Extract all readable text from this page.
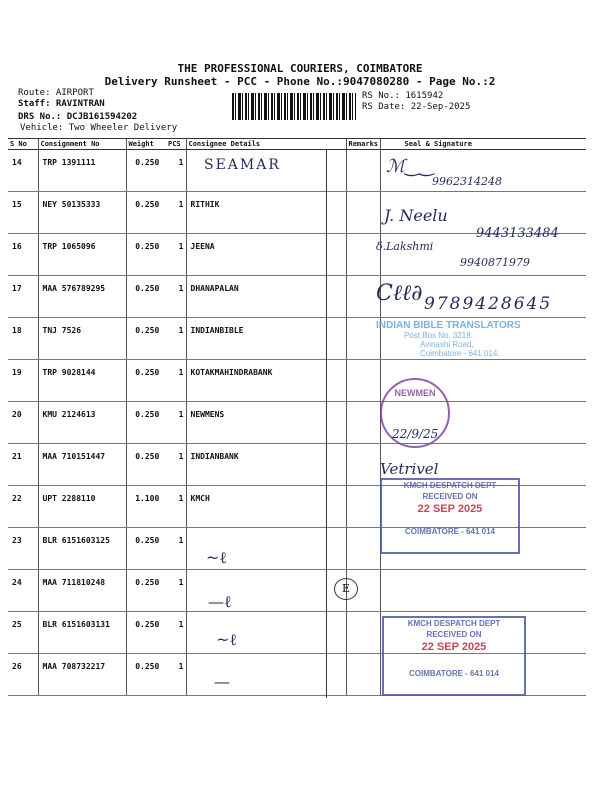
THE PROFESSIONAL COURIERS, COIMBATORE
Delivery Runsheet - PCC - Phone No.:9047080280 - Page No.:2
Route: AIRPORT
Staff: RAVINTRAN
DRS No.: DCJB161594202
Vehicle: Two Wheeler Delivery
RS No.: 1615942
RS Date: 22-Sep-2025
S No	Consignment No	Weight	PCS	Consignee Details	Remarks	Seal & Signature
14	TRP 1391111	0.250	1			
15	NEY 50135333	0.250	1	RITHIK		
16	TRP 1065096	0.250	1	JEENA		
17	MAA 576789295	0.250	1	DHANAPALAN		
18	TNJ 7526	0.250	1	INDIANBIBLE		
19	TRP 9028144	0.250	1	KOTAKMAHINDRABANK		
20	KMU 2124613	0.250	1	NEWMENS		
21	MAA 710151447	0.250	1	INDIANBANK		
22	UPT 2288110	1.100	1	KMCH		
23	BLR 6151603125	0.250	1			
24	MAA 711810248	0.250	1			
25	BLR 6151603131	0.250	1			
26	MAA 708732217	0.250	1			
SEAMAR	ℳ‿‿
9962314248
J. Neelu
9443133484
δ.Lakshmi
9940871979
Cℓℓ∂ 9789428645
22/9/25
Vetrivel
~ℓ
—ℓ
~ℓ
—
E
INDIAN BIBLE TRANSLATORS
Post Box No. 3218,
Avinashi Road,
Coimbatore - 641 014.
NEWMEN
KMCH DESPATCH DEPT
RECEIVED ON
22 SEP 2025
COIMBATORE - 641 014
KMCH DESPATCH DEPT
RECEIVED ON
22 SEP 2025
COIMBATORE - 641 014
